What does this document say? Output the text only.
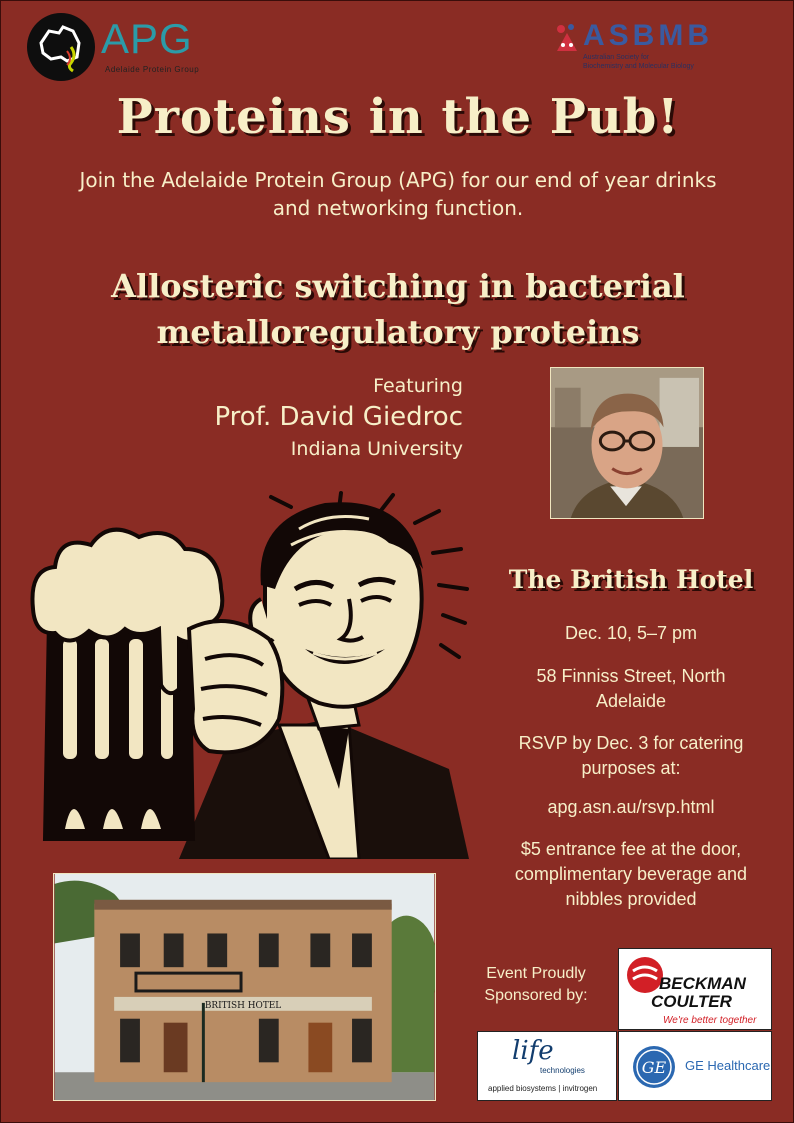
APG
Adelaide Protein Group
ASBMB
Australian Society for
Biochemistry and Molecular Biology
Proteins in the Pub!
Join the Adelaide Protein Group (APG) for our end of year drinks
and networking function.
Allosteric switching in bacterial
metalloregulatory proteins
Featuring
Prof. David Giedroc
Indiana University
The British Hotel
Dec. 10, 5–7 pm
58 Finniss Street, North
Adelaide
RSVP by Dec. 3 for catering
purposes at:
apg.asn.au/rsvp.html
$5 entrance fee at the door,
complimentary beverage and
nibbles provided
BRITISH HOTEL
Event Proudly
Sponsored by:
BECKMAN
COULTER
We're better together
life
technologies
applied biosystems | invitrogen
GE GE Healthcare
